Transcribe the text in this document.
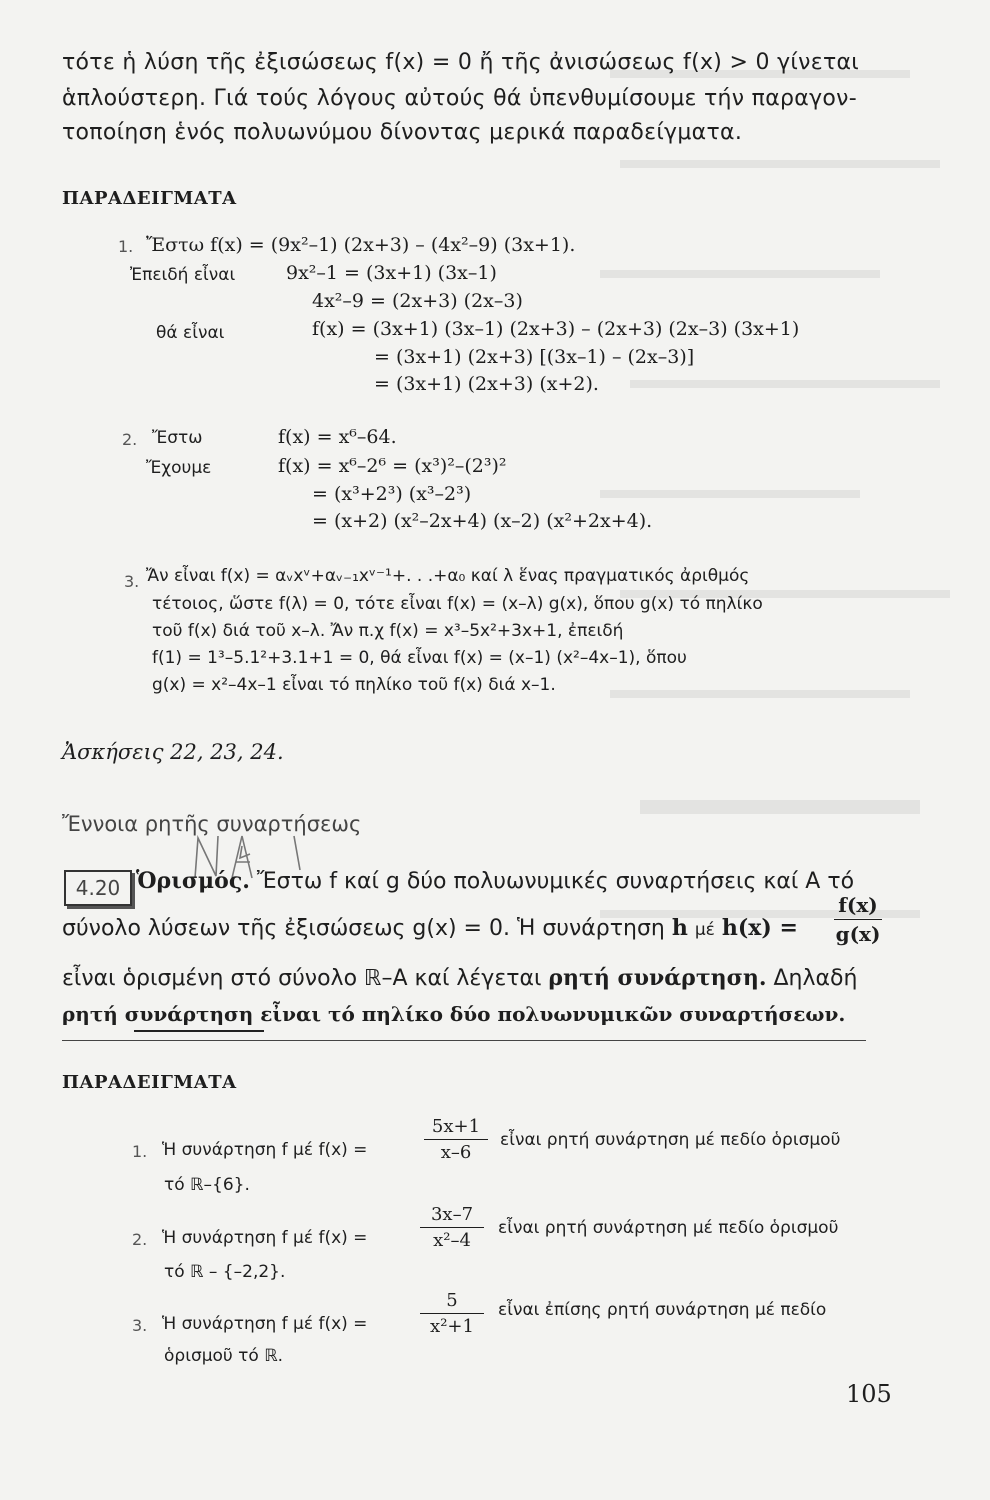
τότε ἡ λύση τῆς ἐξισώσεως f(x) = 0 ἤ τῆς ἀνισώσεως f(x) > 0 γίνεται
ἁπλούστερη. Γιά τούς λόγους αὐτούς θά ὑπενθυμίσουμε τήν παραγον-
τοποίηση ἑνός πολυωνύμου δίνοντας μερικά παραδείγματα.
ΠΑΡΑΔΕΙΓΜΑΤΑ
1. Ἔστω f(x) = (9x²–1) (2x+3) – (4x²–9) (3x+1).
Ἐπειδή εἶναι	9x²–1 = (3x+1) (3x–1)
4x²–9 = (2x+3) (2x–3)
θά εἶναι	f(x) = (3x+1) (3x–1) (2x+3) – (2x+3) (2x–3) (3x+1)
= (3x+1) (2x+3) [(3x–1) – (2x–3)]
= (3x+1) (2x+3) (x+2).
2. Ἔστω	f(x) = x⁶–64.
Ἔχουμε	f(x) = x⁶–2⁶ = (x³)²–(2³)²
= (x³+2³) (x³–2³)
= (x+2) (x²–2x+4) (x–2) (x²+2x+4).
3. Ἄν εἶναι f(x) = αᵥxᵛ+αᵥ₋₁xᵛ⁻¹+. . .+α₀ καί λ ἕνας πραγματικός ἀριθμός
τέτοιος, ὥστε f(λ) = 0, τότε εἶναι f(x) = (x–λ) g(x), ὅπου g(x) τό πηλίκο
τοῦ f(x) διά τοῦ x–λ. Ἄν π.χ f(x) = x³–5x²+3x+1, ἐπειδή
f(1) = 1³–5.1²+3.1+1 = 0, θά εἶναι f(x) = (x–1) (x²–4x–1), ὅπου
g(x) = x²–4x–1 εἶναι τό πηλίκο τοῦ f(x) διά x–1.
Ἀσκήσεις 22, 23, 24.
Ἔννοια ρητῆς συναρτήσεως
4.20 Ὁρισμός. Ἔστω f καί g δύο πολυωνυμικές συναρτήσεις καί A τό
σύνολο λύσεων τῆς ἐξισώσεως g(x) = 0. Ἡ συνάρτηση h μέ h(x) =
f(x)
g(x)
εἶναι ὁρισμένη στό σύνολο ℝ–A καί λέγεται ρητή συνάρτηση. Δηλαδή
ρητή συνάρτηση εἶναι τό πηλίκο δύο πολυωνυμικῶν συναρτήσεων.
ΠΑΡΑΔΕΙΓΜΑΤΑ
1. Ἡ συνάρτηση f μέ f(x) =
5x+1
x–6
εἶναι ρητή συνάρτηση μέ πεδίο ὁρισμοῦ
τό ℝ–{6}.
2. Ἡ συνάρτηση f μέ f(x) =
3x–7
x²–4
εἶναι ρητή συνάρτηση μέ πεδίο ὁρισμοῦ
τό ℝ – {–2,2}.
3. Ἡ συνάρτηση f μέ f(x) =
5
x²+1
εἶναι ἐπίσης ρητή συνάρτηση μέ πεδίο
ὁρισμοῦ τό ℝ.
105
